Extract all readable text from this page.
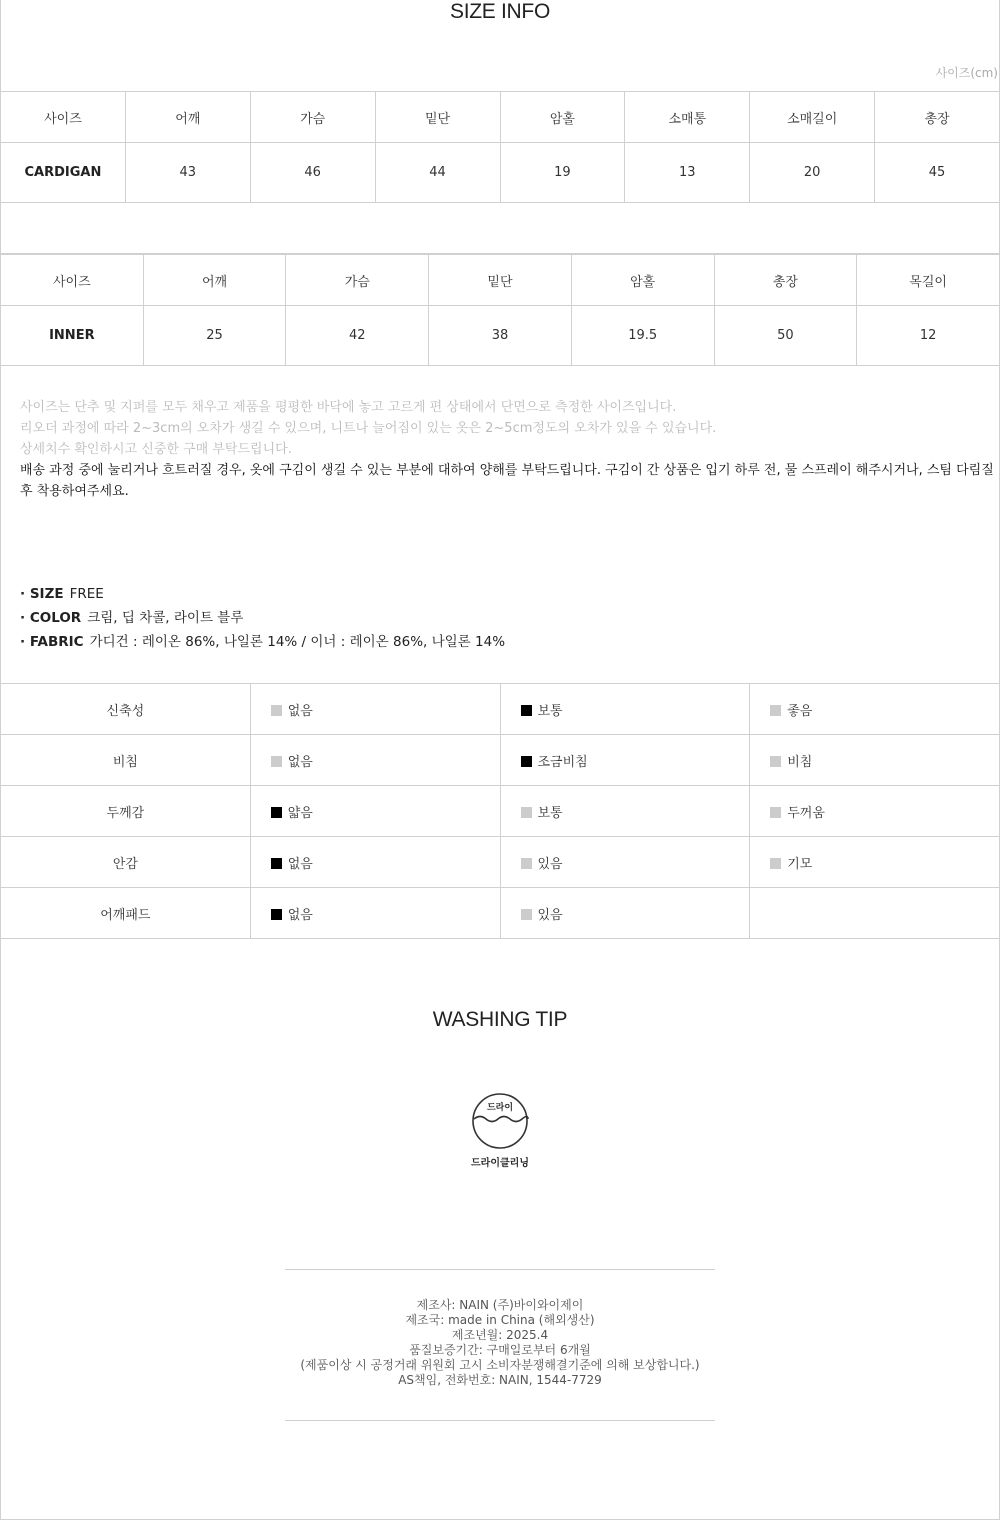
SIZE INFO
사이즈(cm)
사이즈	어깨	가슴	밑단	암홀	소매통	소매길이	총장
CARDIGAN	43	46	44	19	13	20	45

사이즈	어깨	가슴	밑단	암홀	총장	목길이
INNER	25	42	38	19.5	50	12
사이즈는 단추 및 지퍼를 모두 채우고 제품을 평평한 바닥에 놓고 고르게 편 상태에서 단면으로 측정한 사이즈입니다.
리오더 과정에 따라 2~3cm의 오차가 생길 수 있으며, 니트나 늘어짐이 있는 옷은 2~5cm정도의 오차가 있을 수 있습니다.
상세치수 확인하시고 신중한 구매 부탁드립니다.
배송 과정 중에 눌리거나 흐트러질 경우, 옷에 구김이 생길 수 있는 부분에 대하여 양해를 부탁드립니다. 구김이 간 상품은 입기 하루 전, 물 스프레이 해주시거나, 스팀 다림질 후 착용하여주세요.
· SIZE FREE
· COLOR 크림, 딥 차콜, 라이트 블루
· FABRIC 가디건 : 레이온 86%, 나일론 14% / 이너 : 레이온 86%, 나일론 14%
신축성	없음	보통	좋음
비침	없음	조금비침	비침
두께감	얇음	보통	두꺼움
안감	없음	있음	기모
어깨패드	없음	있음	
WASHING TIP
드라이
드라이클리닝
제조사: NAIN (주)바이와이제이
제조국: made in China (해외생산)
제조년월: 2025.4
품질보증기간: 구매일로부터 6개월
(제품이상 시 공정거래 위원회 고시 소비자분쟁해결기준에 의해 보상합니다.)
AS책임, 전화번호: NAIN, 1544-7729
